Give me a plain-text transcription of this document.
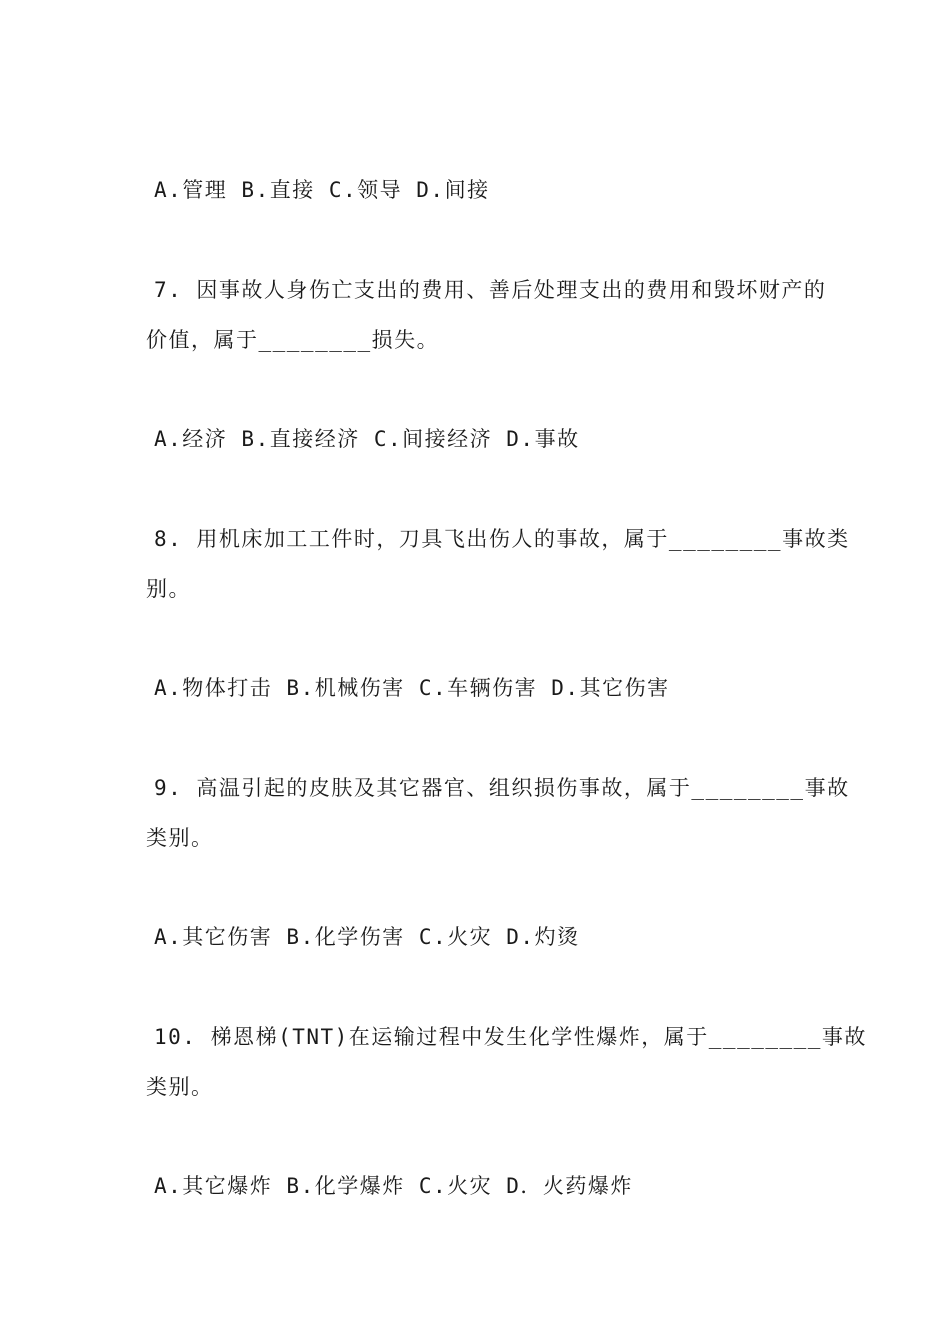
A.管理 B.直接 C.领导 D.间接
7. 因事故人身伤亡支出的费用、善后处理支出的费用和毁坏财产的
价值，属于________损失。
A.经济 B.直接经济 C.间接经济 D.事故
8. 用机床加工工件时，刀具飞出伤人的事故，属于________事故类
别。
A.物体打击 B.机械伤害 C.车辆伤害 D.其它伤害
9. 高温引起的皮肤及其它器官、组织损伤事故，属于________事故
类别。
A.其它伤害 B.化学伤害 C.火灾 D.灼烫
10. 梯恩梯(TNT)在运输过程中发生化学性爆炸，属于________事故
类别。
A.其它爆炸 B.化学爆炸 C.火灾 D．火药爆炸
